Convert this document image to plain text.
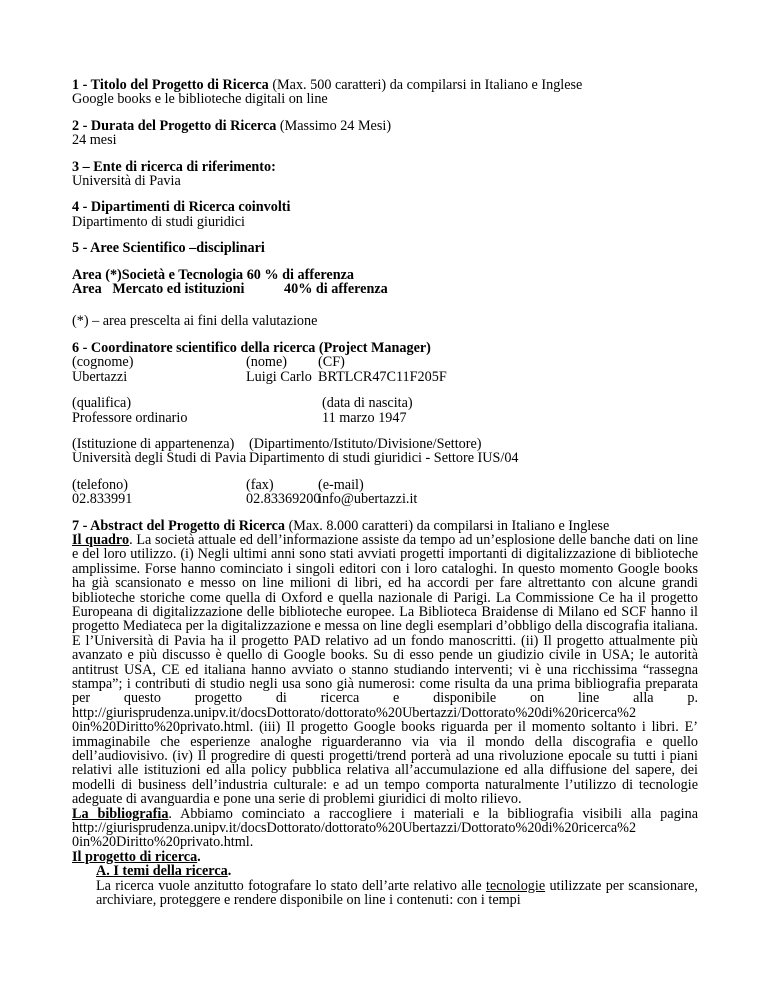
1 - Titolo del Progetto di Ricerca (Max. 500 caratteri) da compilarsi in Italiano e Inglese
Google books e le biblioteche digitali on line
2 - Durata del Progetto di Ricerca (Massimo 24 Mesi)
24 mesi
3 – Ente di ricerca di riferimento:
Università di Pavia
4 - Dipartimenti di Ricerca coinvolti
Dipartimento di studi giuridici
5 - Aree Scientifico –disciplinari
Area (*)Società e Tecnologia 60 % di afferenza
Area   Mercato ed istituzioni	40% di afferenza
(*) – area prescelta ai fini della valutazione
6 - Coordinatore scientifico della ricerca (Project Manager)
(cognome)
Ubertazzi
(nome)
Luigi Carlo
(CF)
BRTLCR47C11F205F
(qualifica)
Professore ordinario
(data di nascita)
11 marzo 1947
(Istituzione di appartenenza)
Università degli Studi di Pavia
(Dipartimento/Istituto/Divisione/Settore)
Dipartimento di studi giuridici - Settore IUS/04
(telefono)
02.833991
(fax)
02.83369200
(e-mail)
info@ubertazzi.it
7 - Abstract del Progetto di Ricerca (Max. 8.000 caratteri) da compilarsi in Italiano e Inglese

Il quadro. La società attuale ed dell’informazione assiste da tempo ad un’esplosione delle banche dati on line e del loro utilizzo. (i) Negli ultimi anni sono stati avviati progetti importanti di digitalizzazione di biblioteche amplissime. Forse hanno cominciato i singoli editori con i loro cataloghi. In questo momento Google books ha già scansionato e messo on line milioni di libri, ed ha accordi per fare altrettanto con alcune grandi biblioteche storiche come quella di Oxford e quella nazionale di Parigi. La Commissione Ce ha il progetto Europeana di digitalizzazione delle biblioteche europee. La Biblioteca Braidense di Milano ed SCF hanno il progetto Mediateca per la digitalizzazione e messa on line degli esemplari d’obbligo della discografia italiana. E l’Università di Pavia ha il progetto PAD relativo ad un fondo manoscritti. (ii) Il progetto attualmente più avanzato e più discusso è quello di Google books. Su di esso pende un giudizio civile in USA; le autorità antitrust USA, CE ed italiana hanno avviato o stanno studiando interventi; vi è una ricchissima “rassegna stampa”; i contributi di studio negli usa sono già numerosi: come risulta da una prima bibliografia preparata per questo progetto di ricerca e disponibile on line alla p. http://giurisprudenza.unipv.it/docsDottorato/dottorato%20Ubertazzi/Dottorato%20di%20ricerca%2 0in%20Diritto%20privato.html. (iii) Il progetto Google books riguarda per il momento soltanto i libri. E’ immaginabile che esperienze analoghe riguarderanno via via il mondo della discografia e quello dell’audiovisivo. (iv) Il progredire di questi progetti/trend porterà ad una rivoluzione epocale su tutti i piani relativi alle istituzioni ed alla policy pubblica relativa all’accumulazione ed alla diffusione del sapere, dei modelli di business dell’industria culturale: e ad un tempo comporta naturalmente l’utilizzo di tecnologie adeguate di avanguardia e pone una serie di problemi giuridici di molto rilievo.

La bibliografia. Abbiamo cominciato a raccogliere i materiali e la bibliografia visibili alla pagina http://giurisprudenza.unipv.it/docsDottorato/dottorato%20Ubertazzi/Dottorato%20di%20ricerca%2 0in%20Diritto%20privato.html.

Il progetto di ricerca.

A. I temi della ricerca.

La ricerca vuole anzitutto fotografare lo stato dell’arte relativo alle tecnologie utilizzate per scansionare, archiviare, proteggere e rendere disponibile on line i contenuti: con i tempi
